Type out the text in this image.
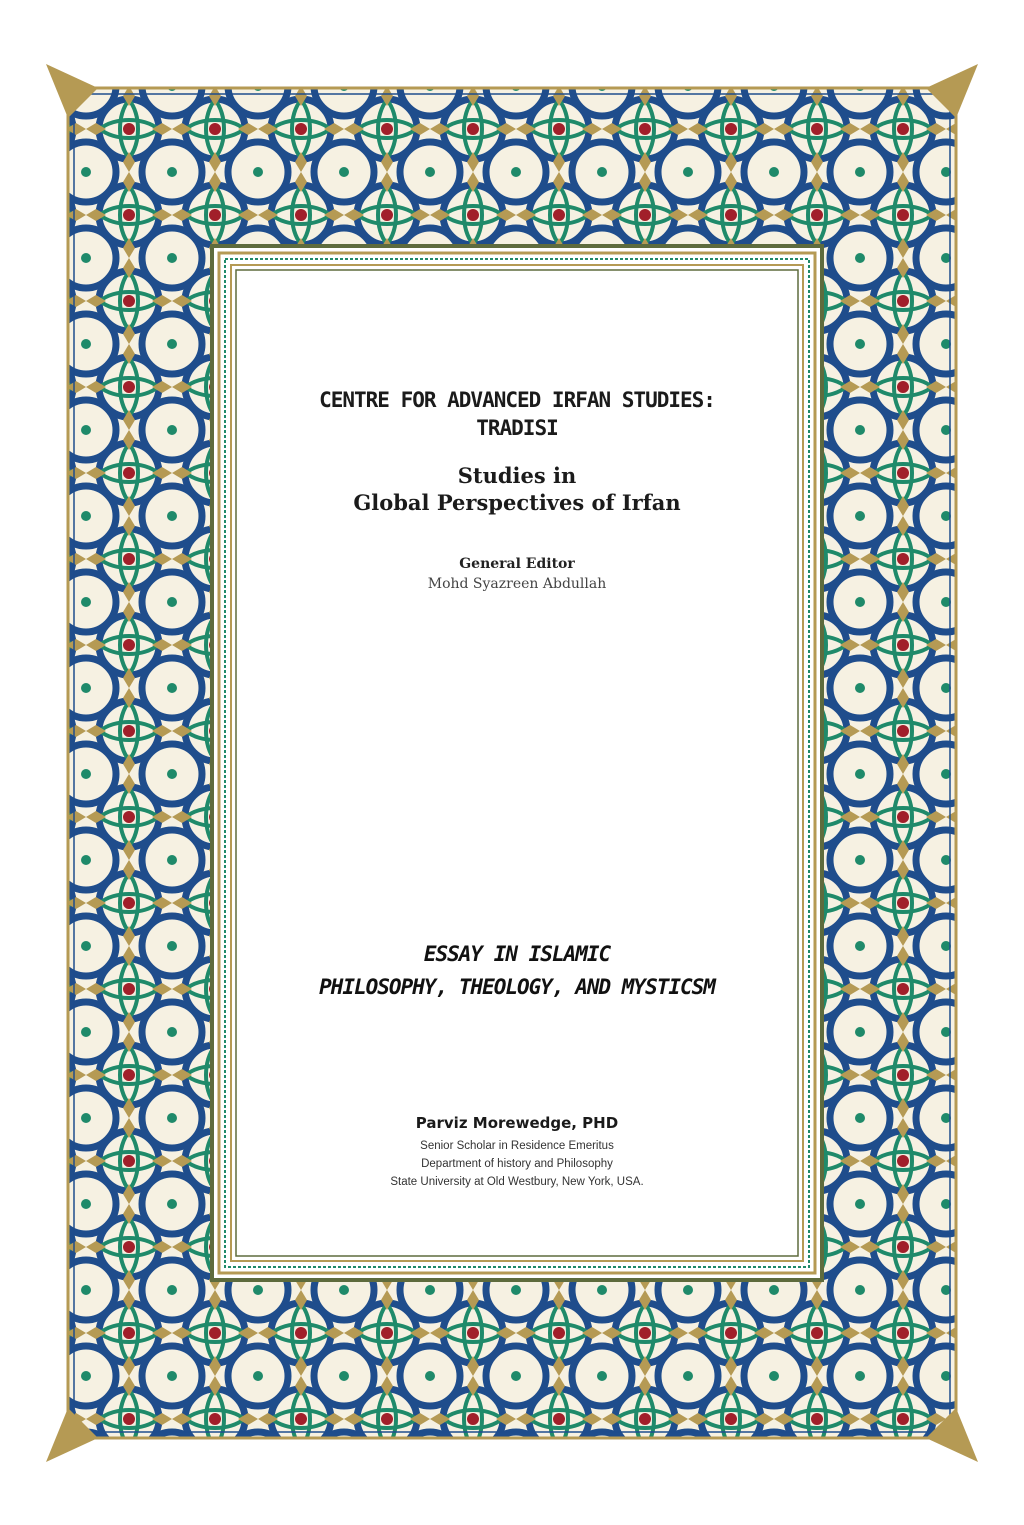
CENTRE FOR ADVANCED IRFAN STUDIES:
TRADISI
Studies in
Global Perspectives of Irfan
General Editor
Mohd Syazreen Abdullah
ESSAY IN ISLAMIC
PHILOSOPHY, THEOLOGY, AND MYSTICSM
Parviz Morewedge, PHD
Senior Scholar in Residence Emeritus
Department of history and Philosophy
State University at Old Westbury, New York, USA.
